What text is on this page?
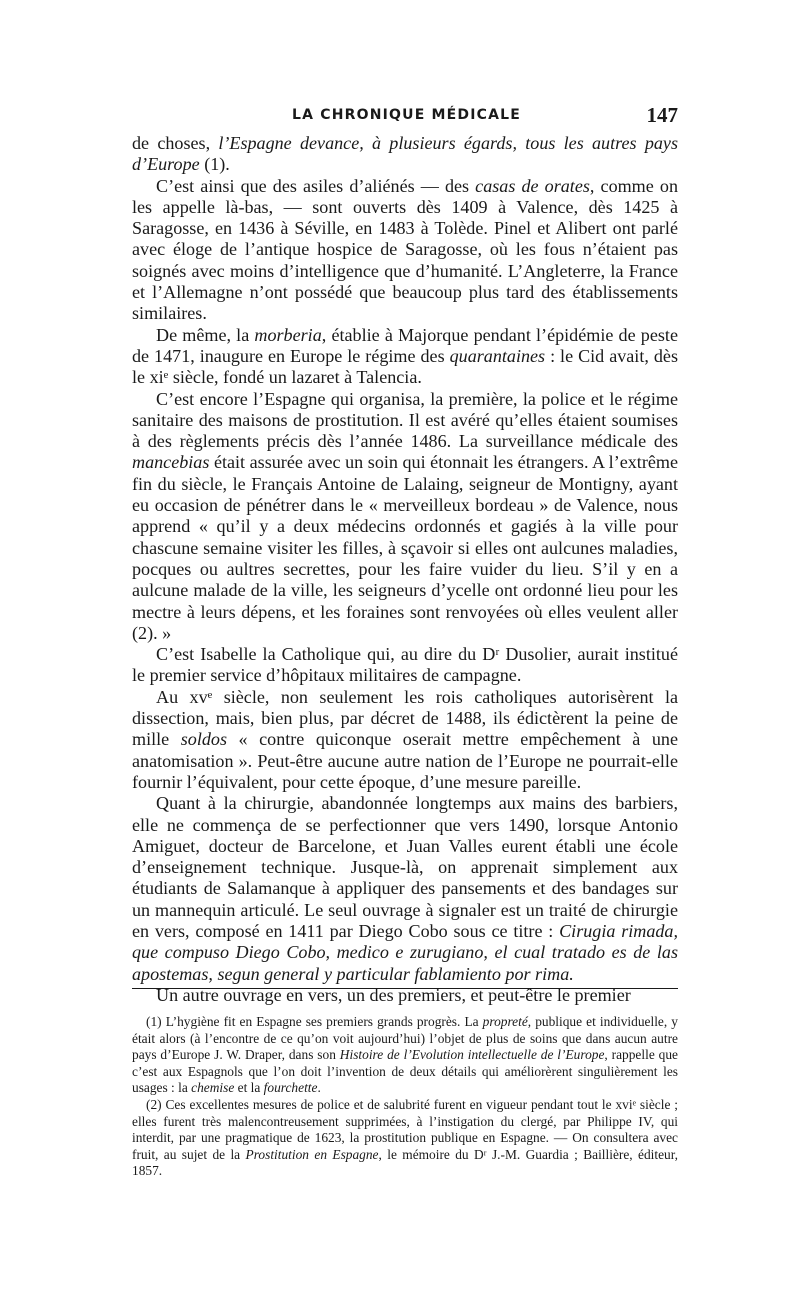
LA CHRONIQUE MÉDICALE	147

de choses, l’Espagne devance, à plusieurs égards, tous les autres pays d’Europe (1).

C’est ainsi que des asiles d’aliénés — des casas de orates, comme on les appelle là-bas, — sont ouverts dès 1409 à Valence, dès 1425 à Saragosse, en 1436 à Séville, en 1483 à Tolède. Pinel et Alibert ont parlé avec éloge de l’antique hospice de Saragosse, où les fous n’étaient pas soignés avec moins d’intelligence que d’humanité. L’Angleterre, la France et l’Allemagne n’ont possédé que beaucoup plus tard des établissements similaires.

De même, la morberia, établie à Majorque pendant l’épidémie de peste de 1471, inaugure en Europe le régime des quarantaines : le Cid avait, dès le xiᵉ siècle, fondé un lazaret à Talencia.

C’est encore l’Espagne qui organisa, la première, la police et le régime sanitaire des maisons de prostitution. Il est avéré qu’elles étaient soumises à des règlements précis dès l’année 1486. La surveillance médicale des mancebias était assurée avec un soin qui étonnait les étrangers. A l’extrême fin du siècle, le Français Antoine de Lalaing, seigneur de Montigny, ayant eu occasion de pénétrer dans le « merveilleux bordeau » de Valence, nous apprend « qu’il y a deux médecins ordonnés et gagiés à la ville pour chascune semaine visiter les filles, à sçavoir si elles ont aulcunes maladies, pocques ou aultres secrettes, pour les faire vuider du lieu. S’il y en a aulcune malade de la ville, les seigneurs d’ycelle ont ordonné lieu pour les mectre à leurs dépens, et les foraines sont renvoyées où elles veulent aller (2). »

C’est Isabelle la Catholique qui, au dire du Dʳ Dusolier, aurait institué le premier service d’hôpitaux militaires de campagne.

Au xvᵉ siècle, non seulement les rois catholiques autorisèrent la dissection, mais, bien plus, par décret de 1488, ils édictèrent la peine de mille soldos « contre quiconque oserait mettre empêchement à une anatomisation ». Peut-être aucune autre nation de l’Europe ne pourrait-elle fournir l’équivalent, pour cette époque, d’une mesure pareille.

Quant à la chirurgie, abandonnée longtemps aux mains des barbiers, elle ne commença de se perfectionner que vers 1490, lorsque Antonio Amiguet, docteur de Barcelone, et Juan Valles eurent établi une école d’enseignement technique. Jusque-là, on apprenait simplement aux étudiants de Salamanque à appliquer des pansements et des bandages sur un mannequin articulé. Le seul ouvrage à signaler est un traité de chirurgie en vers, composé en 1411 par Diego Cobo sous ce titre : Cirugia rimada, que compuso Diego Cobo, medico e zurugiano, el cual tratado es de las apostemas, segun general y particular fablamiento por rima.

Un autre ouvrage en vers, un des premiers, et peut-être le premier

(1) L’hygiène fit en Espagne ses premiers grands progrès. La propreté, publique et individuelle, y était alors (à l’encontre de ce qu’on voit aujourd’hui) l’objet de plus de soins que dans aucun autre pays d’Europe J. W. Draper, dans son Histoire de l’Evolution intellectuelle de l’Europe, rappelle que c’est aux Espagnols que l’on doit l’invention de deux détails qui améliorèrent singulièrement les usages : la chemise et la fourchette.

(2) Ces excellentes mesures de police et de salubrité furent en vigueur pendant tout le xviᵉ siècle ; elles furent très malencontreusement supprimées, à l’instigation du clergé, par Philippe IV, qui interdit, par une pragmatique de 1623, la prostitution publique en Espagne. — On consultera avec fruit, au sujet de la Prostitution en Espagne, le mémoire du Dʳ J.-M. Guardia ; Baillière, éditeur, 1857.
